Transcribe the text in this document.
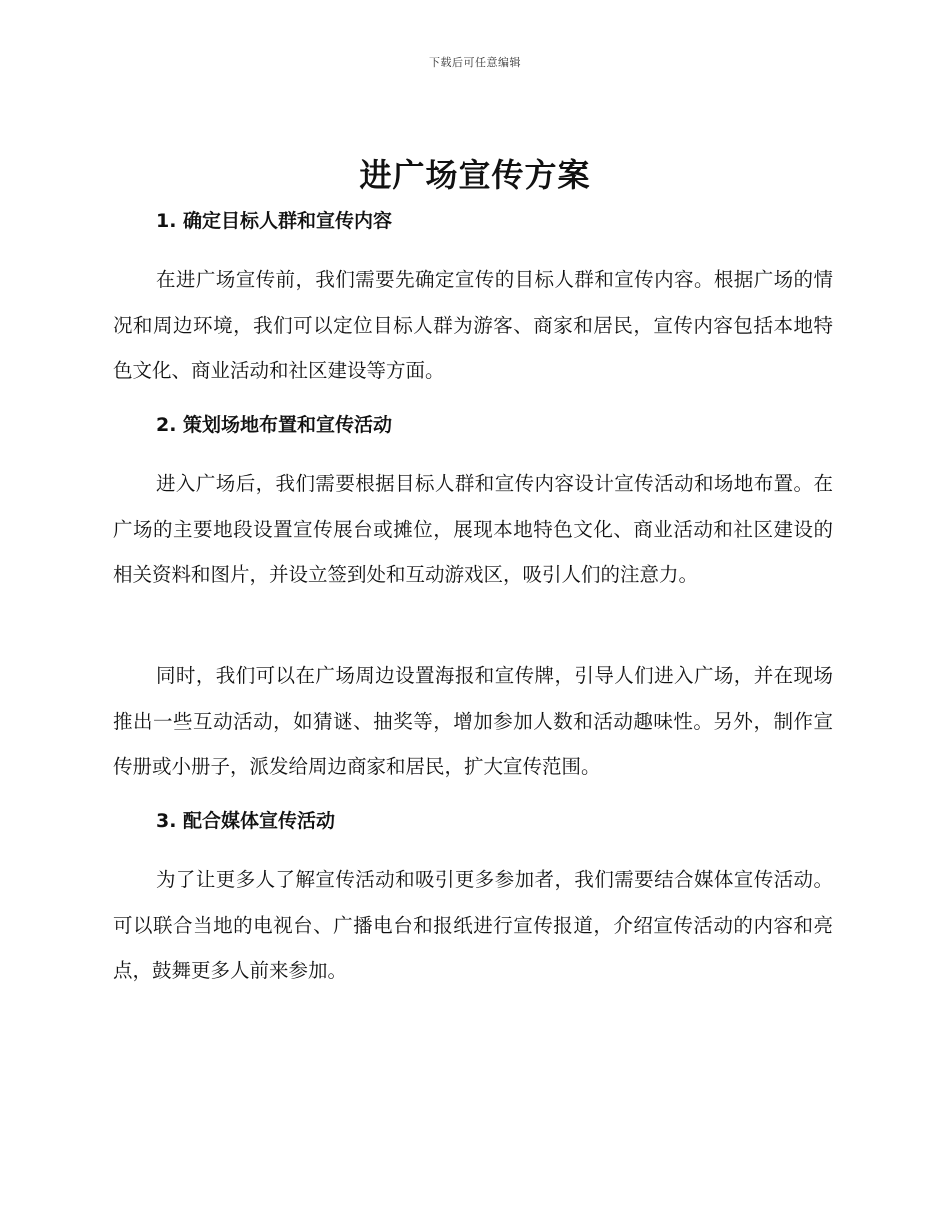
下载后可任意编辑
进广场宣传方案
1. 确定目标人群和宣传内容

在进广场宣传前，我们需要先确定宣传的目标人群和宣传内容。根据广场的情况和周边环境，我们可以定位目标人群为游客、商家和居民，宣传内容包括本地特色文化、商业活动和社区建设等方面。

2. 策划场地布置和宣传活动

进入广场后，我们需要根据目标人群和宣传内容设计宣传活动和场地布置。在广场的主要地段设置宣传展台或摊位，展现本地特色文化、商业活动和社区建设的相关资料和图片，并设立签到处和互动游戏区，吸引人们的注意力。

同时，我们可以在广场周边设置海报和宣传牌，引导人们进入广场，并在现场推出一些互动活动，如猜谜、抽奖等，增加参加人数和活动趣味性。另外，制作宣传册或小册子，派发给周边商家和居民，扩大宣传范围。

3. 配合媒体宣传活动

为了让更多人了解宣传活动和吸引更多参加者，我们需要结合媒体宣传活动。可以联合当地的电视台、广播电台和报纸进行宣传报道，介绍宣传活动的内容和亮点，鼓舞更多人前来参加。
